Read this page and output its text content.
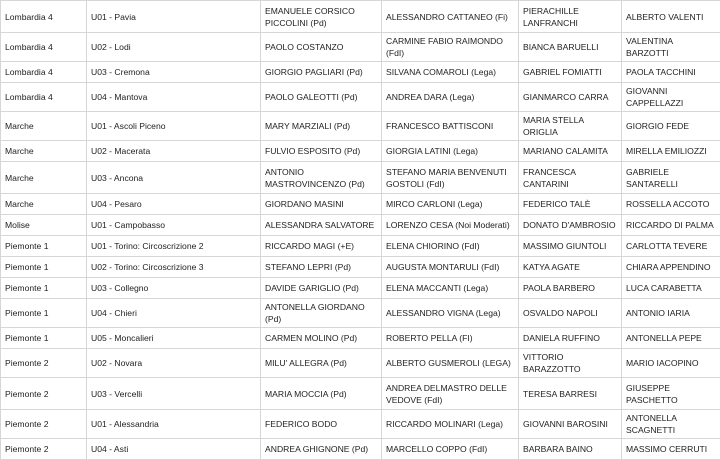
Lombardia 4	U01 - Pavia	EMANUELE CORSICO PICCOLINI (Pd)	ALESSANDRO CATTANEO (Fi)	PIERACHILLE LANFRANCHI	ALBERTO VALENTI
Lombardia 4	U02 - Lodi	PAOLO COSTANZO	CARMINE FABIO RAIMONDO (FdI)	BIANCA BARUELLI	VALENTINA BARZOTTI
Lombardia 4	U03 - Cremona	GIORGIO PAGLIARI (Pd)	SILVANA COMAROLI (Lega)	GABRIEL FOMIATTI	PAOLA TACCHINI
Lombardia 4	U04 - Mantova	PAOLO GALEOTTI (Pd)	ANDREA DARA (Lega)	GIANMARCO CARRA	GIOVANNI CAPPELLAZZI
Marche	U01 - Ascoli Piceno	MARY MARZIALI (Pd)	FRANCESCO BATTISCONI	MARIA STELLA ORIGLIA	GIORGIO FEDE
Marche	U02 - Macerata	FULVIO ESPOSITO (Pd)	GIORGIA LATINI (Lega)	MARIANO CALAMITA	MIRELLA EMILIOZZI
Marche	U03 - Ancona	ANTONIO MASTROVINCENZO (Pd)	STEFANO MARIA BENVENUTI GOSTOLI (FdI)	FRANCESCA CANTARINI	GABRIELE SANTARELLI
Marche	U04 - Pesaro	GIORDANO MASINI	MIRCO CARLONI (Lega)	FEDERICO TALÈ	ROSSELLA ACCOTO
Molise	U01 - Campobasso	ALESSANDRA SALVATORE	LORENZO CESA (Noi Moderati)	DONATO D'AMBROSIO	RICCARDO DI PALMA
Piemonte 1	U01 - Torino: Circoscrizione 2	RICCARDO MAGI (+E)	ELENA CHIORINO (FdI)	MASSIMO GIUNTOLI	CARLOTTA TEVERE
Piemonte 1	U02 - Torino: Circoscrizione 3	STEFANO LEPRI (Pd)	AUGUSTA MONTARULI (FdI)	KATYA AGATE	CHIARA APPENDINO
Piemonte 1	U03 - Collegno	DAVIDE GARIGLIO (Pd)	ELENA MACCANTI (Lega)	PAOLA BARBERO	LUCA CARABETTA
Piemonte 1	U04 - Chieri	ANTONELLA GIORDANO (Pd)	ALESSANDRO VIGNA (Lega)	OSVALDO NAPOLI	ANTONIO IARIA
Piemonte 1	U05 - Moncalieri	CARMEN MOLINO (Pd)	ROBERTO PELLA (FI)	DANIELA RUFFINO	ANTONELLA PEPE
Piemonte 2	U02 - Novara	MILU' ALLEGRA (Pd)	ALBERTO GUSMEROLI (LEGA)	VITTORIO BARAZZOTTO	MARIO IACOPINO
Piemonte 2	U03 - Vercelli	MARIA MOCCIA (Pd)	ANDREA DELMASTRO DELLE VEDOVE (FdI)	TERESA BARRESI	GIUSEPPE PASCHETTO
Piemonte 2	U01 - Alessandria	FEDERICO BODO	RICCARDO MOLINARI (Lega)	GIOVANNI BAROSINI	ANTONELLA SCAGNETTI
Piemonte 2	U04 - Asti	ANDREA GHIGNONE (Pd)	MARCELLO COPPO (FdI)	BARBARA BAINO	MASSIMO CERRUTI
